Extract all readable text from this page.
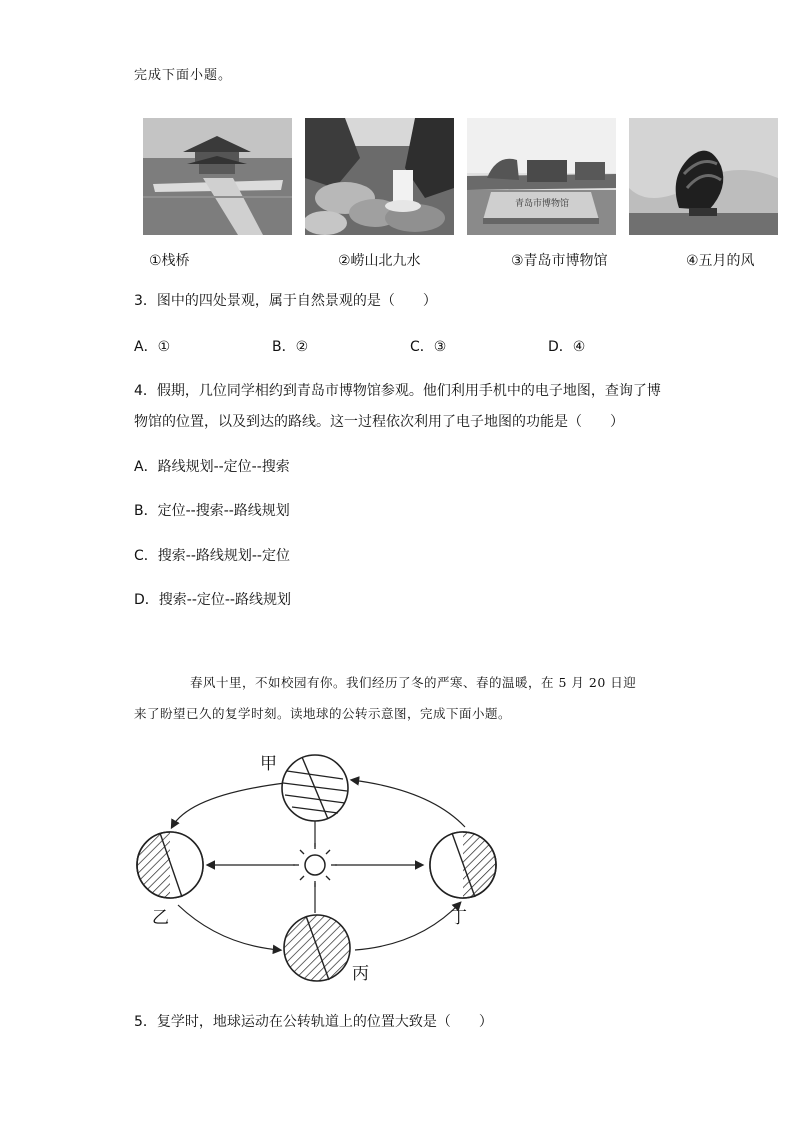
完成下面小题。
青岛市博物馆
①栈桥	②崂山北九水	③青岛市博物馆	④五月的风
3．图中的四处景观，属于自然景观的是（　　）
A．①	B．②	C．③	D．④
4．假期，几位同学相约到青岛市博物馆参观。他们利用手机中的电子地图，查询了博
物馆的位置，以及到达的路线。这一过程依次利用了电子地图的功能是（　　）
A．路线规划--定位--搜索
B．定位--搜索--路线规划
C．搜索--路线规划--定位
D．搜索--定位--路线规划
春风十里，不如校园有你。我们经历了冬的严寒、春的温暖，在 5 月 20 日迎
来了盼望已久的复学时刻。读地球的公转示意图，完成下面小题。
甲
乙
丙
丁
5．复学时，地球运动在公转轨道上的位置大致是（　　）
